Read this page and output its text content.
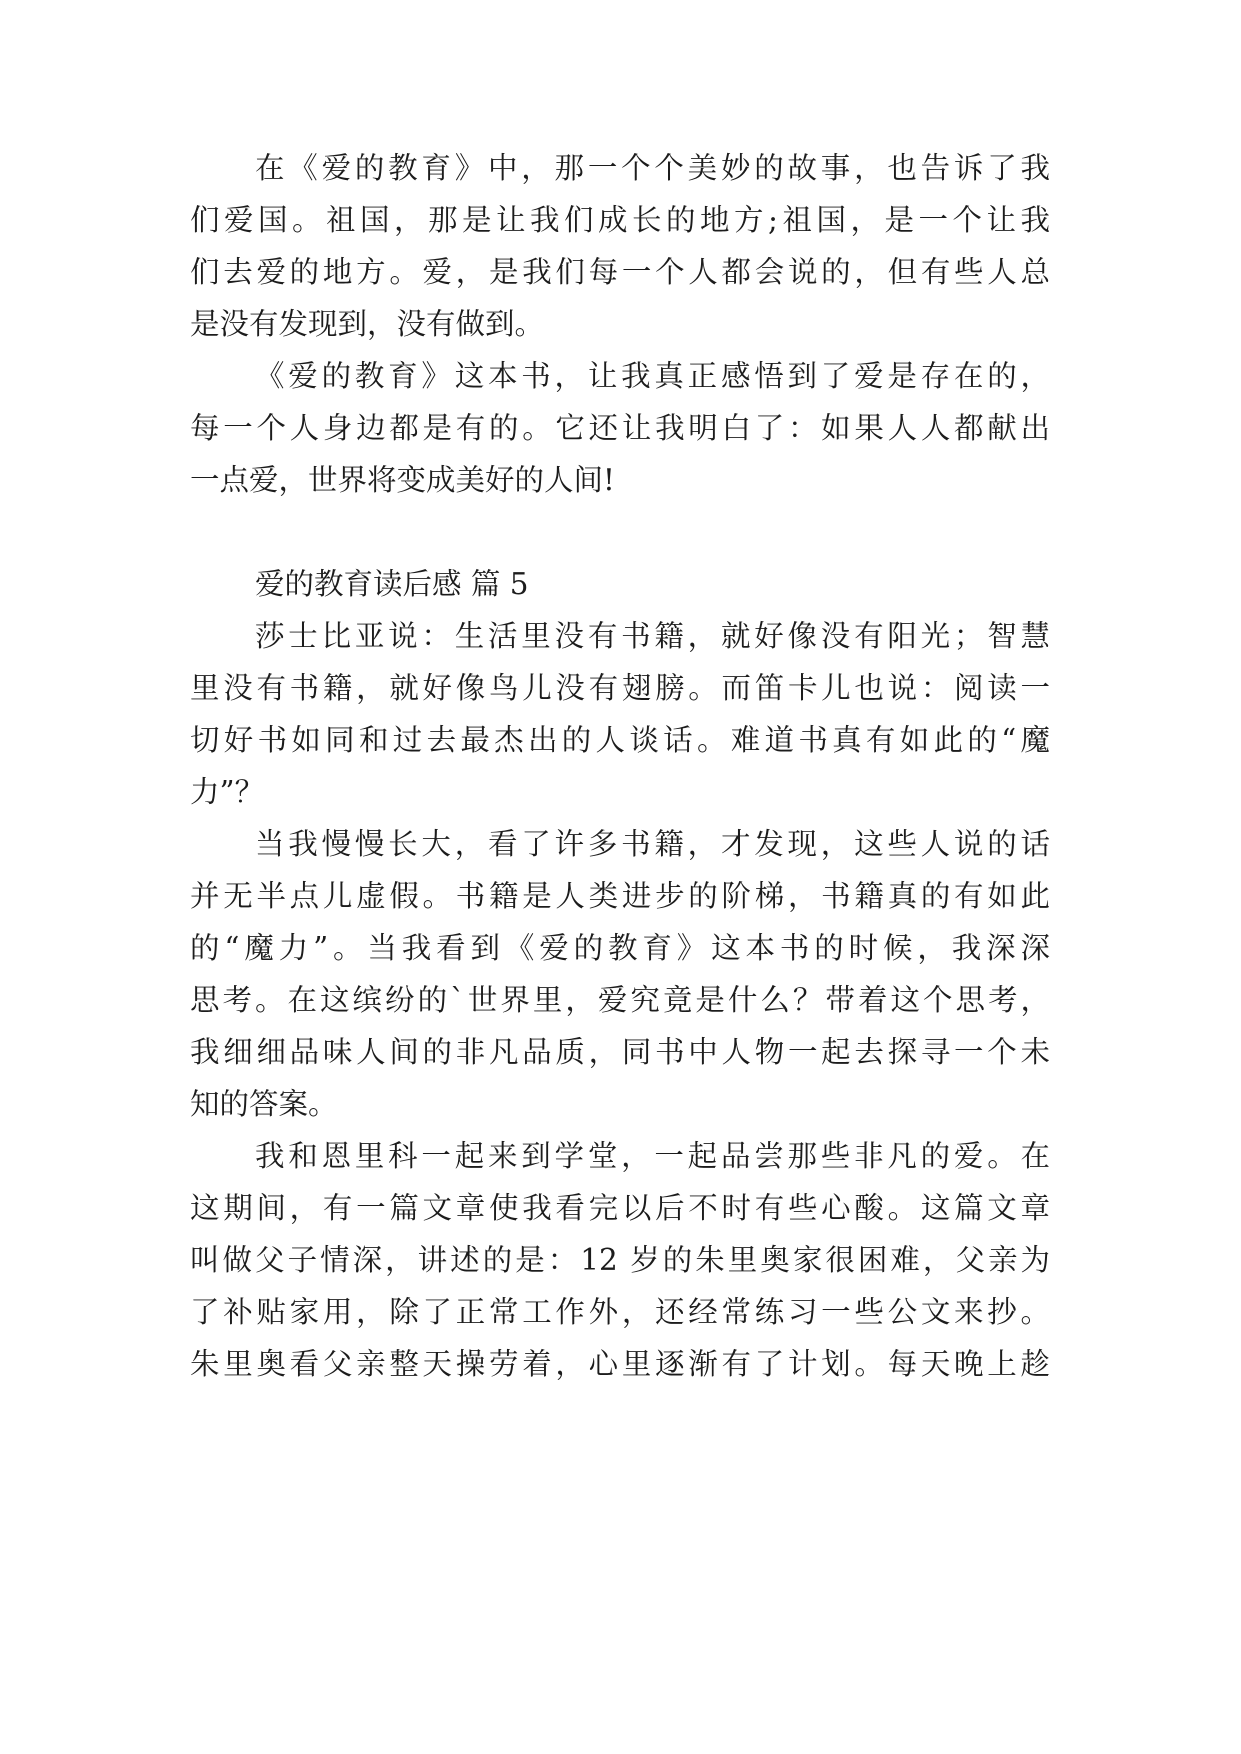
在《爱的教育》中，那一个个美妙的故事，也告诉了我

们爱国。祖国，那是让我们成长的地方;祖国，是一个让我

们去爱的地方。爱，是我们每一个人都会说的，但有些人总

是没有发现到，没有做到。

《爱的教育》这本书，让我真正感悟到了爱是存在的，

每一个人身边都是有的。它还让我明白了：如果人人都献出

一点爱，世界将变成美好的人间!

爱的教育读后感 篇 5

莎士比亚说：生活里没有书籍，就好像没有阳光；智慧

里没有书籍，就好像鸟儿没有翅膀。而笛卡儿也说：阅读一

切好书如同和过去最杰出的人谈话。难道书真有如此的“魔

力”？

当我慢慢长大，看了许多书籍，才发现，这些人说的话

并无半点儿虚假。书籍是人类进步的阶梯，书籍真的有如此

的“魔力”。当我看到《爱的教育》这本书的时候，我深深

思考。在这缤纷的`世界里，爱究竟是什么？带着这个思考，

我细细品味人间的非凡品质，同书中人物一起去探寻一个未

知的答案。

我和恩里科一起来到学堂，一起品尝那些非凡的爱。在

这期间，有一篇文章使我看完以后不时有些心酸。这篇文章

叫做父子情深，讲述的是：12 岁的朱里奥家很困难，父亲为

了补贴家用，除了正常工作外，还经常练习一些公文来抄。

朱里奥看父亲整天操劳着，心里逐渐有了计划。每天晚上趁
